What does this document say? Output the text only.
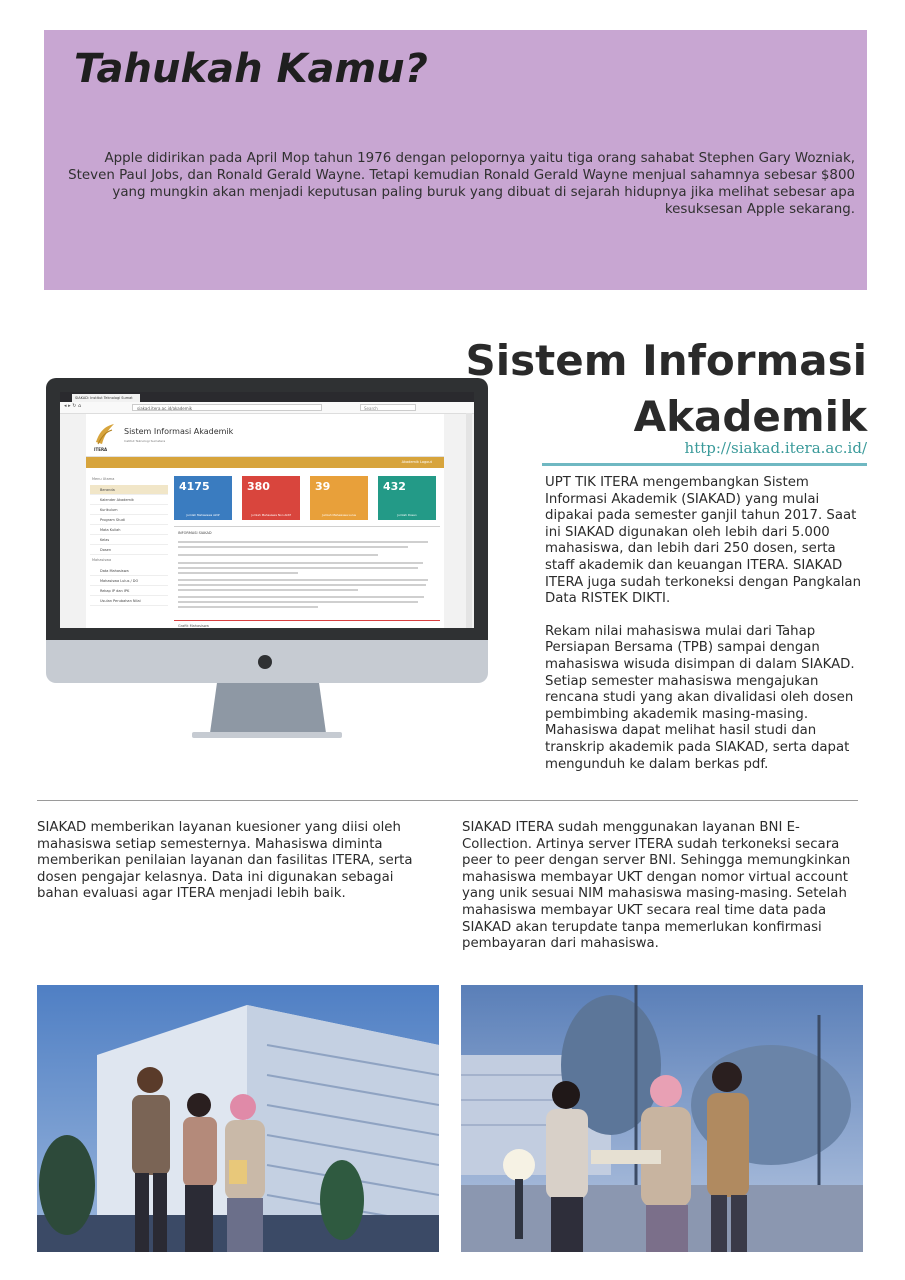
Tahukah Kamu?

Apple didirikan pada April Mop tahun 1976 dengan pelopornya yaitu tiga orang sahabat Stephen Gary Wozniak, Steven Paul Jobs, dan Ronald Gerald Wayne. Tetapi kemudian Ronald Gerald Wayne menjual sahamnya sebesar $800 yang mungkin akan menjadi keputusan paling buruk yang dibuat di sejarah hidupnya jika melihat sebesar apa kesuksesan Apple sekarang.

SIAKAD: Institut Teknologi Sumat
◂ ▸ ↻ ⌂	siakad.itera.ac.id/akademik	Search
ITERA
Sistem Informasi Akademik
Institut Teknologi Sumatera
Akademik Logout
Menu Utama
Beranda
Kalender Akademik
Kurikulum
Program Studi
Mata Kuliah
Kelas
Dosen
Mahasiswa
Data Mahasiswa
Mahasiswa Lulus / DO
Rekap IP dan IPK
Usulan Perubahan Nilai
4175
Jumlah Mahasiswa Aktif
380
Jumlah Mahasiswa Non Aktif
39
Jumlah Mahasiswa Lulus
432
Jumlah Dosen
INFORMASI SIAKAD
Grafik Mahasiswa
Sistem Informasi
Akademik
http://siakad.itera.ac.id/

UPT TIK ITERA mengembangkan Sistem Informasi Akademik (SIAKAD) yang mulai dipakai pada semester ganjil tahun 2017. Saat ini SIAKAD digunakan oleh lebih dari 5.000 mahasiswa, dan lebih dari 250 dosen, serta staff akademik dan keuangan ITERA. SIAKAD ITERA juga sudah terkoneksi dengan Pangkalan Data RISTEK DIKTI.

Rekam nilai mahasiswa mulai dari Tahap Persiapan Bersama (TPB) sampai dengan mahasiswa wisuda disimpan di dalam SIAKAD. Setiap semester mahasiswa mengajukan rencana studi yang akan divalidasi oleh dosen pembimbing akademik masing-masing. Mahasiswa dapat melihat hasil studi dan transkrip akademik pada SIAKAD, serta dapat mengunduh ke dalam berkas pdf.

SIAKAD memberikan layanan kuesioner yang diisi oleh mahasiswa setiap semesternya. Mahasiswa diminta memberikan penilaian layanan dan fasilitas ITERA, serta dosen pengajar kelasnya. Data ini digunakan sebagai bahan evaluasi agar ITERA menjadi lebih baik.

SIAKAD ITERA sudah menggunakan layanan BNI E-Collection. Artinya server ITERA sudah terkoneksi secara peer to peer dengan server BNI. Sehingga memungkinkan mahasiswa membayar UKT dengan nomor virtual account yang unik sesuai NIM mahasiswa masing-masing. Setelah mahasiswa membayar UKT secara real time data pada SIAKAD akan terupdate tanpa memerlukan konfirmasi pembayaran dari mahasiswa.
